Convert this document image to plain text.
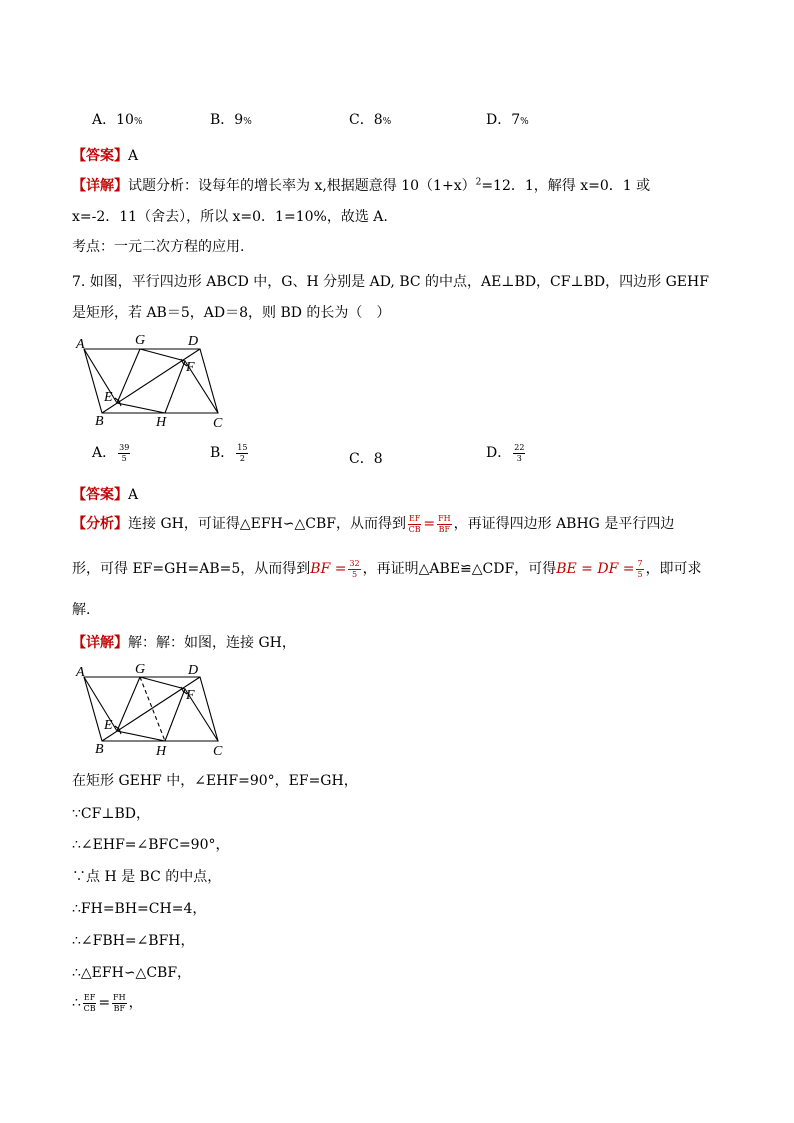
A．10%	B．9%	C．8%	D．7%
【答案】A
【详解】试题分析：设每年的增长率为 x,根据题意得 $10(1+x)^2=12$．1，解得 x=0．1 或
x=-2．11（舍去），所以 x=0．1=10%，故选 A.
考点：一元二次方程的应用.
7. 如图，平行四边形 ABCD 中，G、H 分别是 AD, BC 的中点，AE⊥BD，CF⊥BD，四边形 GEHF
是矩形，若 AB＝5，AD＝8，则 BD 的长为（　）
A	G	D
F
E
B	H	C
A． $\frac{39}{5}$	B． $\frac{15}{2}$	C．8	D． $\frac{22}{3}$
【答案】A
【分析】连接 GH，可证得△EFH∽△CBF，从而得到 $\frac{EF}{CB} = \frac{FH}{BF}$ ，再证得四边形 ABHG 是平行四边
形，可得 EF=GH=AB=5，从而得到BF = $\frac{32}{5}$ ，再证明△ABE≌△CDF，可得BE = DF = $\frac{7}{5}$ ，即可求
解.
【详解】解：解：如图，连接 GH，
A	G	D
F
E
B	H	C
在矩形 GEHF 中，∠EHF=90°，EF=GH，
∵CF⊥BD，
∴∠EHF=∠BFC=90°，
∵点 H 是 BC 的中点，
∴FH=BH=CH=4，
∴∠FBH=∠BFH，
∴△EFH∽△CBF，
∴ $\frac{EF}{CB} = \frac{FH}{BF}$ ，
